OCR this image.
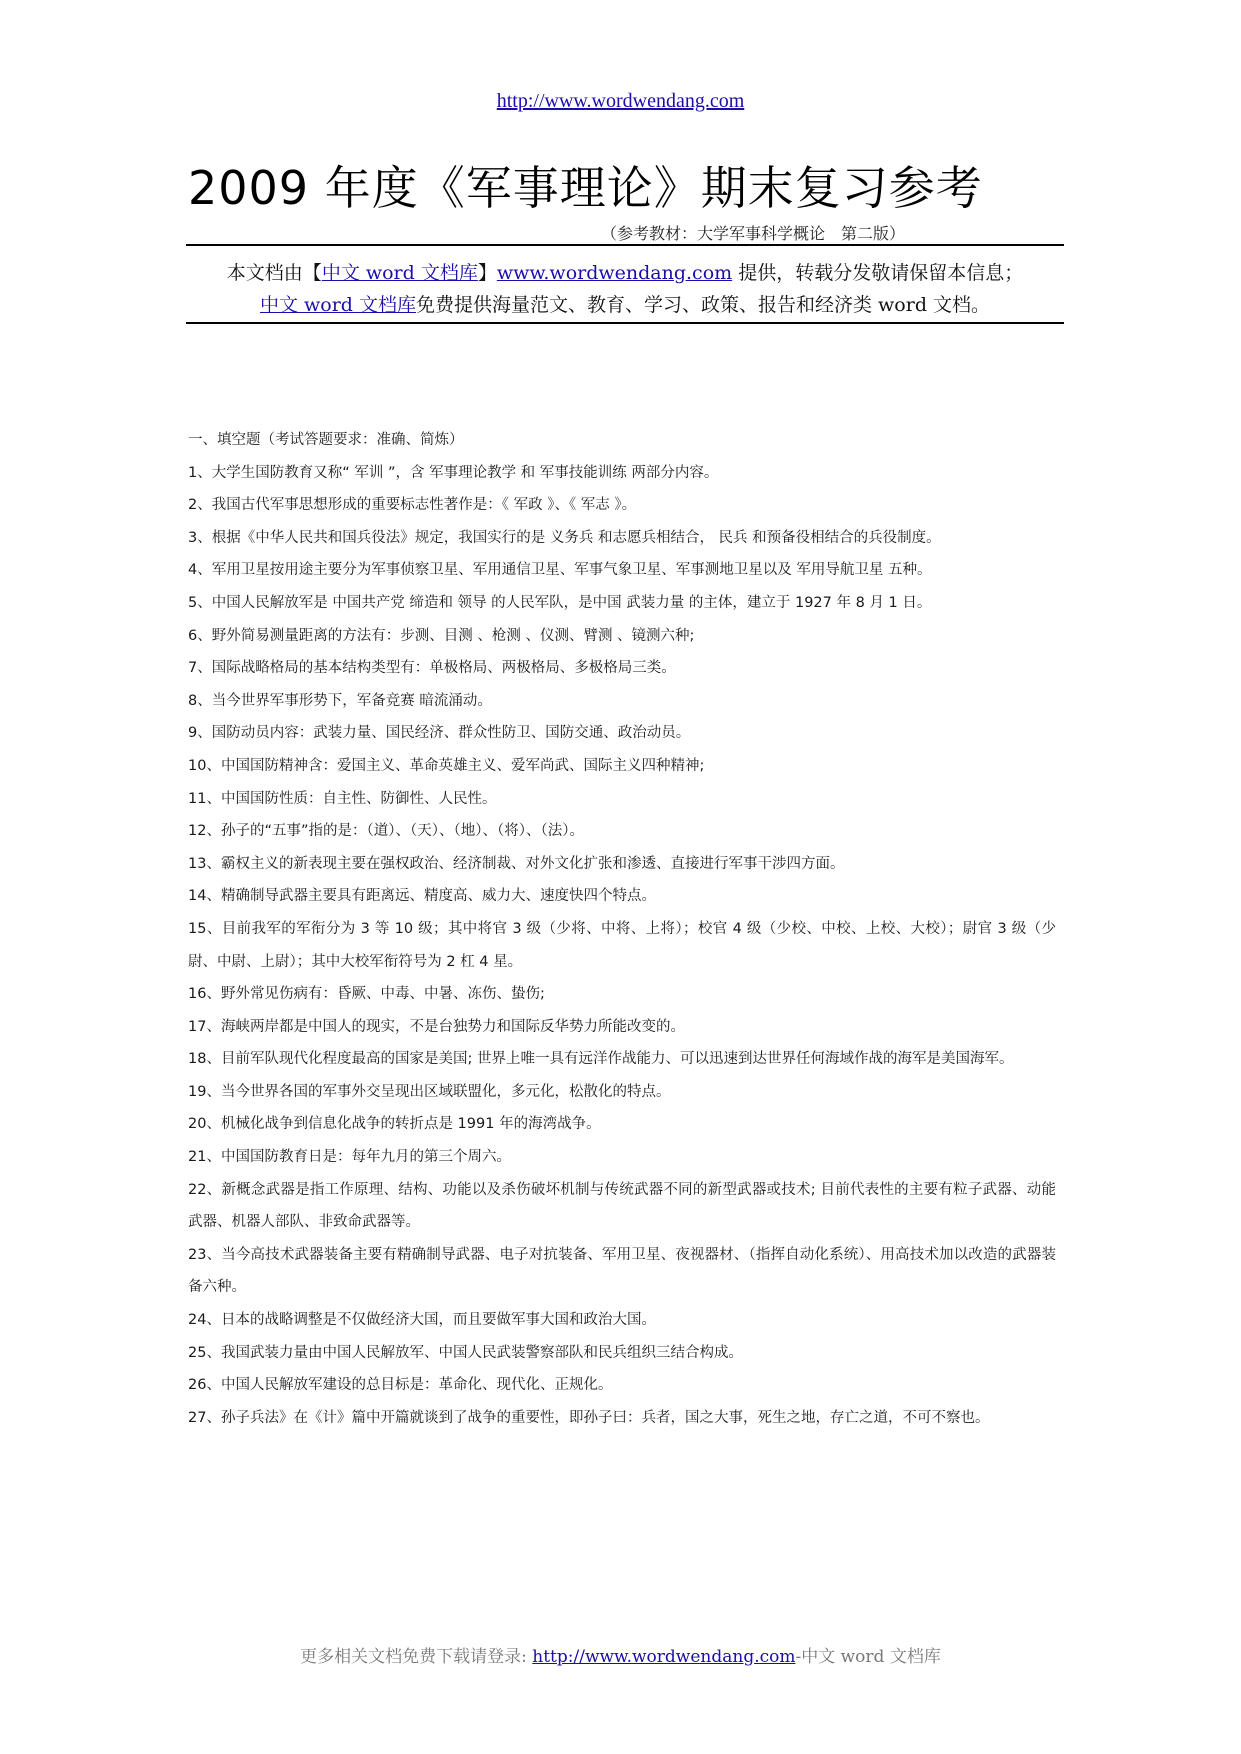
http://www.wordwendang.com
2009 年度《军事理论》期末复习参考
（参考教材：大学军事科学概论　第二版）
本文档由【中文 word 文档库】www.wordwendang.com 提供，转载分发敬请保留本信息；
中文 word 文档库免费提供海量范文、教育、学习、政策、报告和经济类 word 文档。

一、填空题（考试答题要求：准确、简炼）

1、大学生国防教育又称“ 军训 ”，含 军事理论教学 和 军事技能训练 两部分内容。

2、我国古代军事思想形成的重要标志性著作是：《 军政 》、《 军志 》。

3、根据《中华人民共和国兵役法》规定，我国实行的是 义务兵 和志愿兵相结合， 民兵 和预备役相结合的兵役制度。

4、军用卫星按用途主要分为军事侦察卫星、军用通信卫星、军事气象卫星、军事测地卫星以及 军用导航卫星 五种。

5、中国人民解放军是 中国共产党 缔造和 领导 的人民军队，是中国 武装力量 的主体，建立于 1927 年 8 月 1 日。

6、野外简易测量距离的方法有：步测、目测 、枪测 、仪测、臂测 、镜测六种;

7、国际战略格局的基本结构类型有：单极格局、两极格局、多极格局三类。

8、当今世界军事形势下，军备竞赛 暗流涌动。

9、国防动员内容：武装力量、国民经济、群众性防卫、国防交通、政治动员。

10、中国国防精神含：爱国主义、革命英雄主义、爱军尚武、国际主义四种精神;

11、中国国防性质：自主性、防御性、人民性。

12、孙子的“五事”指的是：（道）、（天）、（地）、（将）、（法）。

13、霸权主义的新表现主要在强权政治、经济制裁、对外文化扩张和渗透、直接进行军事干涉四方面。

14、精确制导武器主要具有距离远、精度高、威力大、速度快四个特点。

15、目前我军的军衔分为 3 等 10 级；其中将官 3 级（少将、中将、上将）；校官 4 级（少校、中校、上校、大校）；尉官 3 级（少尉、中尉、上尉）；其中大校军衔符号为 2 杠 4 星。

16、野外常见伤病有：昏厥、中毒、中暑、冻伤、蛰伤;

17、海峡两岸都是中国人的现实，不是台独势力和国际反华势力所能改变的。

18、目前军队现代化程度最高的国家是美国; 世界上唯一具有远洋作战能力、可以迅速到达世界任何海域作战的海军是美国海军。

19、当今世界各国的军事外交呈现出区域联盟化，多元化，松散化的特点。

20、机械化战争到信息化战争的转折点是 1991 年的海湾战争。

21、中国国防教育日是：每年九月的第三个周六。

22、新概念武器是指工作原理、结构、功能以及杀伤破坏机制与传统武器不同的新型武器或技术; 目前代表性的主要有粒子武器、动能武器、机器人部队、非致命武器等。

23、当今高技术武器装备主要有精确制导武器、电子对抗装备、军用卫星、夜视器材、（指挥自动化系统）、用高技术加以改造的武器装备六种。

24、日本的战略调整是不仅做经济大国，而且要做军事大国和政治大国。

25、我国武装力量由中国人民解放军、中国人民武装警察部队和民兵组织三结合构成。

26、中国人民解放军建设的总目标是：革命化、现代化、正规化。

27、孙子兵法》在《计》篇中开篇就谈到了战争的重要性，即孙子曰：兵者，国之大事，死生之地，存亡之道，不可不察也。

更多相关文档免费下载请登录: http://www.wordwendang.com-中文 word 文档库
